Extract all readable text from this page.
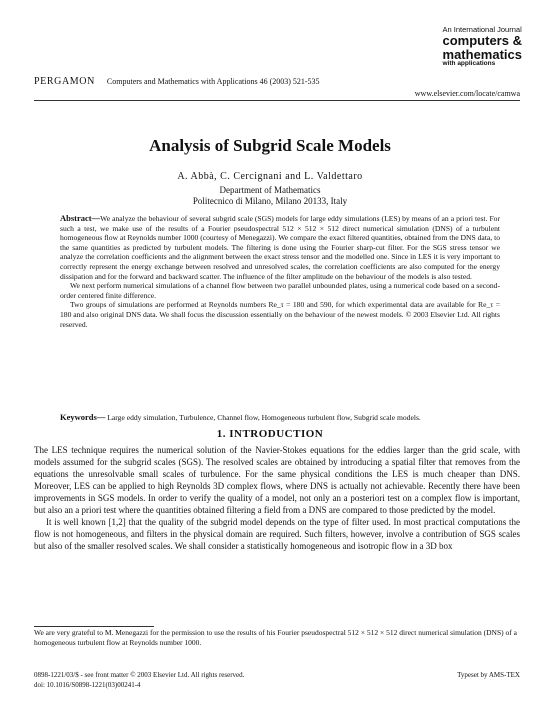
An International Journal
computers &
mathematics
with applications
PERGAMON Computers and Mathematics with Applications 46 (2003) 521-535
www.elsevier.com/locate/camwa
Analysis of Subgrid Scale Models
A. Abbà, C. Cercignani and L. Valdettaro
Department of Mathematics
Politecnico di Milano, Milano 20133, Italy

Abstract—We analyze the behaviour of several subgrid scale (SGS) models for large eddy simulations (LES) by means of an a priori test. For such a test, we make use of the results of a Fourier pseudospectral 512 × 512 × 512 direct numerical simulation (DNS) of a turbulent homogeneous flow at Reynolds number 1000 (courtesy of Menegazzi). We compare the exact filtered quantities, obtained from the DNS data, to the same quantities as predicted by turbulent models. The filtering is done using the Fourier sharp-cut filter. For the SGS stress tensor we analyze the correlation coefficients and the alignment between the exact stress tensor and the modelled one. Since in LES it is very important to correctly represent the energy exchange between resolved and unresolved scales, the correlation coefficients are also computed for the energy dissipation and for the forward and backward scatter. The influence of the filter amplitude on the behaviour of the models is also tested.

We next perform numerical simulations of a channel flow between two parallel unbounded plates, using a numerical code based on a second-order centered finite difference.

Two groups of simulations are performed at Reynolds numbers Re_τ = 180 and 590, for which experimental data are available for Re_τ = 180 and also original DNS data. We shall focus the discussion essentially on the behaviour of the newest models. © 2003 Elsevier Ltd. All rights reserved.

Keywords— Large eddy simulation, Turbulence, Channel flow, Homogeneous turbulent flow, Subgrid scale models.
1. INTRODUCTION

The LES technique requires the numerical solution of the Navier-Stokes equations for the eddies larger than the grid scale, with models assumed for the subgrid scales (SGS). The resolved scales are obtained by introducing a spatial filter that removes from the equations the unresolvable small scales of turbulence. For the same physical conditions the LES is much cheaper than DNS. Moreover, LES can be applied to high Reynolds 3D complex flows, where DNS is actually not achievable. Recently there have been improvements in SGS models. In order to verify the quality of a model, not only an a posteriori test on a complex flow is important, but also an a priori test where the quantities obtained filtering a field from a DNS are compared to those predicted by the model.

It is well known [1,2] that the quality of the subgrid model depends on the type of filter used. In most practical computations the flow is not homogeneous, and filters in the physical domain are required. Such filters, however, involve a contribution of SGS scales but also of the smaller resolved scales. We shall consider a statistically homogeneous and isotropic flow in a 3D box

We are very grateful to M. Menegazzi for the permission to use the results of his Fourier pseudospectral 512 × 512 × 512 direct numerical simulation (DNS) of a homogeneous turbulent flow at Reynolds number 1000.
0898-1221/03/$ - see front matter © 2003 Elsevier Ltd. All rights reserved.
doi: 10.1016/S0898-1221(03)00241-4
Typeset by AMS-TEX
